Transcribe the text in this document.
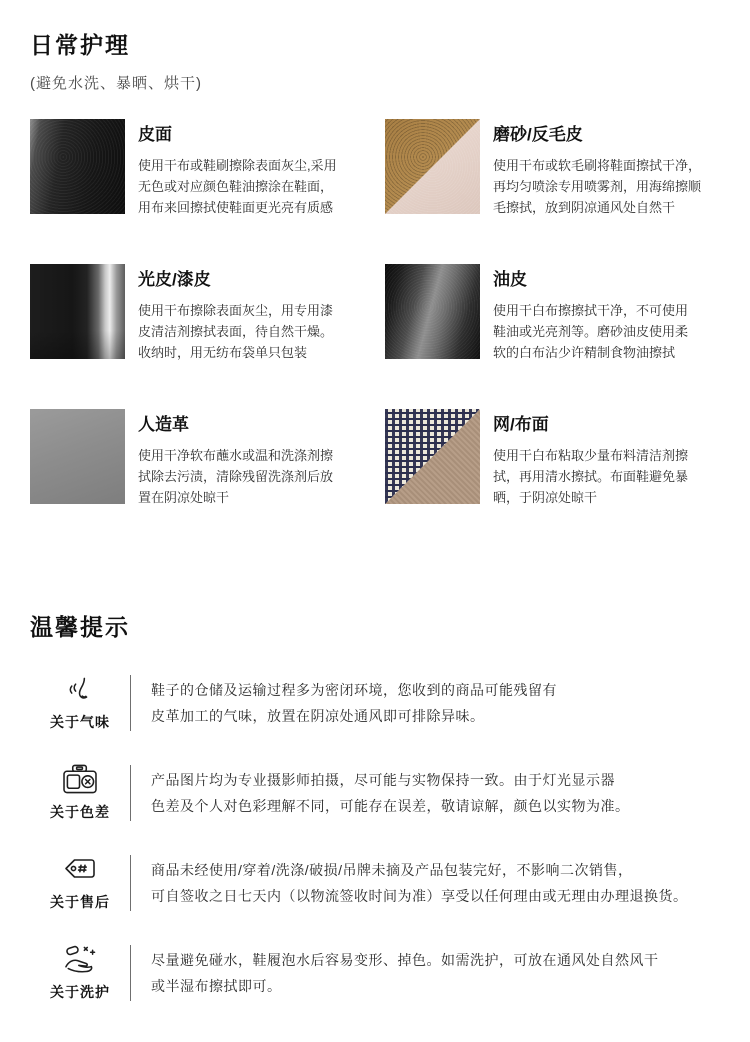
日常护理
(避免水洗、暴晒、烘干)
皮面
使用干布或鞋刷擦除表面灰尘,采用
无色或对应颜色鞋油擦涂在鞋面，
用布来回擦拭使鞋面更光亮有质感
磨砂/反毛皮
使用干布或软毛刷将鞋面擦拭干净，
再均匀喷涂专用喷雾剂，用海绵擦顺
毛擦拭，放到阴凉通风处自然干
光皮/漆皮
使用干布擦除表面灰尘，用专用漆
皮清洁剂擦拭表面，待自然干燥。
收纳时，用无纺布袋单只包装
油皮
使用干白布擦擦拭干净，不可使用
鞋油或光亮剂等。磨砂油皮使用柔
软的白布沾少许精制食物油擦拭
人造革
使用干净软布蘸水或温和洗涤剂擦
拭除去污渍，清除残留洗涤剂后放
置在阴凉处晾干
网/布面
使用干白布粘取少量布料清洁剂擦
拭，再用清水擦拭。布面鞋避免暴
晒，于阴凉处晾干
温馨提示
关于气味
鞋子的仓储及运输过程多为密闭环境，您收到的商品可能残留有
皮革加工的气味，放置在阴凉处通风即可排除异味。
关于色差
产品图片均为专业摄影师拍摄，尽可能与实物保持一致。由于灯光显示器
色差及个人对色彩理解不同，可能存在误差，敬请谅解，颜色以实物为准。
关于售后
商品未经使用/穿着/洗涤/破损/吊牌未摘及产品包装完好，不影响二次销售，
可自签收之日七天内（以物流签收时间为准）享受以任何理由或无理由办理退换货。
关于洗护
尽量避免碰水，鞋履泡水后容易变形、掉色。如需洗护，可放在通风处自然风干
或半湿布擦拭即可。
